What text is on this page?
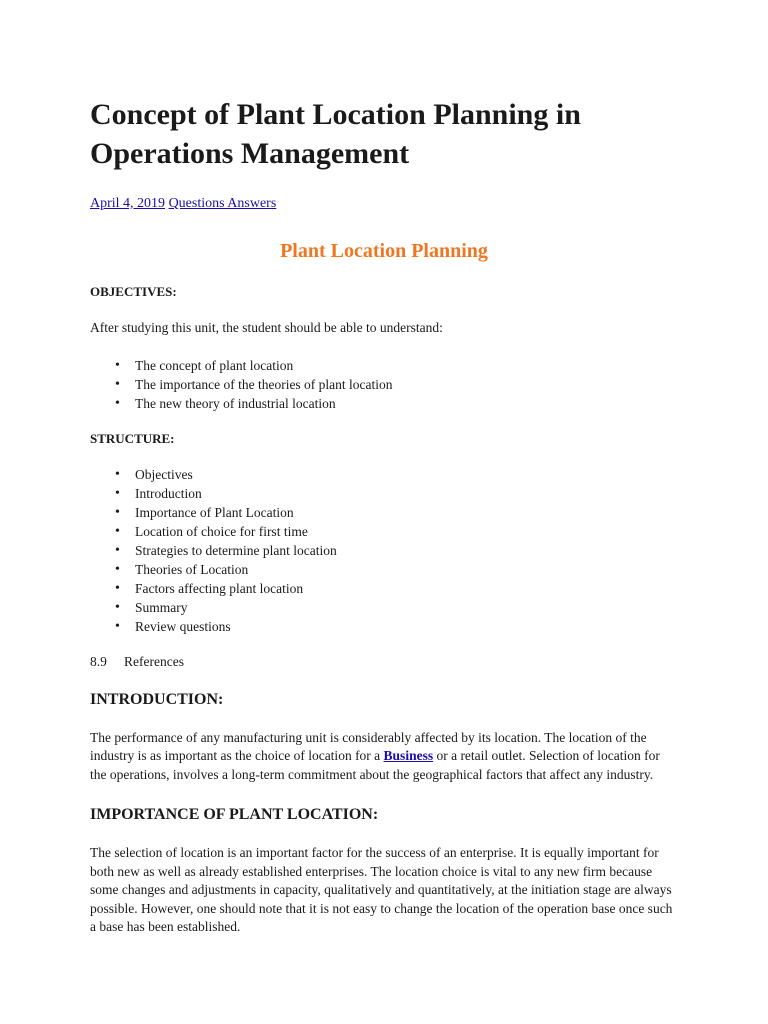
Concept of Plant Location Planning in Operations Management
April 4, 2019 Questions Answers
Plant Location Planning
OBJECTIVES:

After studying this unit, the student should be able to understand:

• The concept of plant location
• The importance of the theories of plant location
• The new theory of industrial location
STRUCTURE:
• Objectives
• Introduction
• Importance of Plant Location
• Location of choice for first time
• Strategies to determine plant location
• Theories of Location
• Factors affecting plant location
• Summary
• Review questions
8.9 References
INTRODUCTION:

The performance of any manufacturing unit is considerably affected by its location. The location of the industry is as important as the choice of location for a Business or a retail outlet. Selection of location for the operations, involves a long-term commitment about the geographical factors that affect any industry.

IMPORTANCE OF PLANT LOCATION:

The selection of location is an important factor for the success of an enterprise. It is equally important for both new as well as already established enterprises. The location choice is vital to any new firm because some changes and adjustments in capacity, qualitatively and quantitatively, at the initiation stage are always possible. However, one should note that it is not easy to change the location of the operation base once such a base has been established.
